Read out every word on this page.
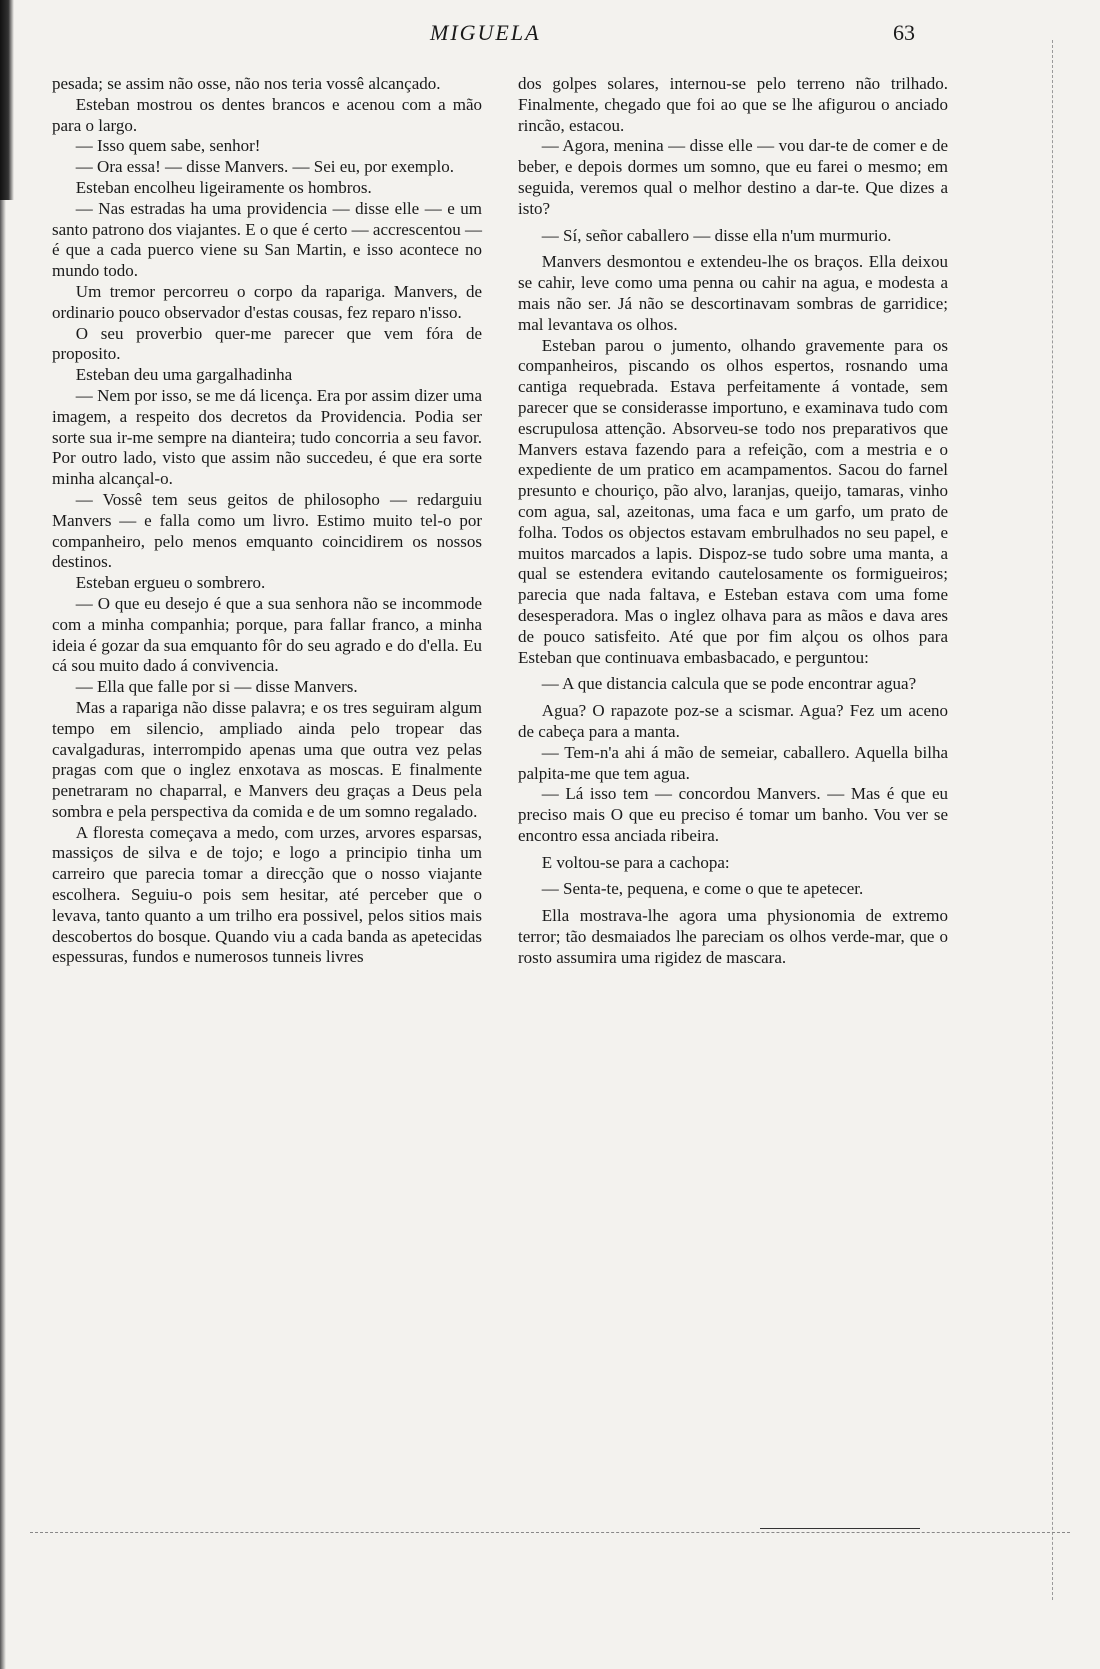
MIGUELA	63

pesada; se assim não osse, não nos teria vossê alcançado.

Esteban mostrou os dentes brancos e acenou com a mão para o largo.

— Isso quem sabe, senhor!

— Ora essa! — disse Manvers. — Sei eu, por exemplo.

Esteban encolheu ligeiramente os hombros.

— Nas estradas ha uma providencia — disse elle — e um santo patrono dos viajantes. E o que é certo — accrescentou — é que a cada puerco viene su San Martin, e isso acontece no mundo todo.

Um tremor percorreu o corpo da rapariga. Manvers, de ordinario pouco observador d'estas cousas, fez reparo n'isso.

O seu proverbio quer-me parecer que vem fóra de proposito.

Esteban deu uma gargalhadinha

— Nem por isso, se me dá licença. Era por assim dizer uma imagem, a respeito dos decretos da Providencia. Podia ser sorte sua ir-me sempre na dianteira; tudo concorria a seu favor. Por outro lado, visto que assim não succedeu, é que era sorte minha alcançal-o.

— Vossê tem seus geitos de philosopho — redarguiu Manvers — e falla como um livro. Estimo muito tel-o por companheiro, pelo menos emquanto coincidirem os nossos destinos.

Esteban ergueu o sombrero.

— O que eu desejo é que a sua senhora não se incommode com a minha companhia; porque, para fallar franco, a minha ideia é gozar da sua emquanto fôr do seu agrado e do d'ella. Eu cá sou muito dado á convivencia.

— Ella que falle por si — disse Manvers.

Mas a rapariga não disse palavra; e os tres seguiram algum tempo em silencio, ampliado ainda pelo tropear das cavalgaduras, interrompido apenas uma que outra vez pelas pragas com que o inglez enxotava as moscas. E finalmente penetraram no chaparral, e Manvers deu graças a Deus pela sombra e pela perspectiva da comida e de um somno regalado.

A floresta começava a medo, com urzes, arvores esparsas, massiços de silva e de tojo; e logo a principio tinha um carreiro que parecia tomar a direcção que o nosso viajante escolhera. Seguiu-o pois sem hesitar, até perceber que o levava, tanto quanto a um trilho era possivel, pelos sitios mais descobertos do bosque. Quando viu a cada banda as apetecidas espessuras, fundos e numerosos tunneis livres

dos golpes solares, internou-se pelo terreno não trilhado. Finalmente, chegado que foi ao que se lhe afigurou o anciado rincão, estacou.

— Agora, menina — disse elle — vou dar-te de comer e de beber, e depois dormes um somno, que eu farei o mesmo; em seguida, veremos qual o melhor destino a dar-te. Que dizes a isto?

— Sí, señor caballero — disse ella n'um murmurio.

Manvers desmontou e extendeu-lhe os braços. Ella deixou se cahir, leve como uma penna ou cahir na agua, e modesta a mais não ser. Já não se descortinavam sombras de garridice; mal levantava os olhos.

Esteban parou o jumento, olhando gravemente para os companheiros, piscando os olhos espertos, rosnando uma cantiga requebrada. Estava perfeitamente á vontade, sem parecer que se considerasse importuno, e examinava tudo com escrupulosa attenção. Absorveu-se todo nos preparativos que Manvers estava fazendo para a refeição, com a mestria e o expediente de um pratico em acampamentos. Sacou do farnel presunto e chouriço, pão alvo, laranjas, queijo, tamaras, vinho com agua, sal, azeitonas, uma faca e um garfo, um prato de folha. Todos os objectos estavam embrulhados no seu papel, e muitos marcados a lapis. Dispoz-se tudo sobre uma manta, a qual se estendera evitando cautelosamente os formigueiros; parecia que nada faltava, e Esteban estava com uma fome desesperadora. Mas o inglez olhava para as mãos e dava ares de pouco satisfeito. Até que por fim alçou os olhos para Esteban que continuava embasbacado, e perguntou:

— A que distancia calcula que se pode encontrar agua?

Agua? O rapazote poz-se a scismar. Agua? Fez um aceno de cabeça para a manta.

— Tem-n'a ahi á mão de semeiar, caballero. Aquella bilha palpita-me que tem agua.

— Lá isso tem — concordou Manvers. — Mas é que eu preciso mais O que eu preciso é tomar um banho. Vou ver se encontro essa anciada ribeira.

E voltou-se para a cachopa:

— Senta-te, pequena, e come o que te apetecer.

Ella mostrava-lhe agora uma physionomia de extremo terror; tão desmaiados lhe pareciam os olhos verde-mar, que o rosto assumira uma rigidez de mascara.
